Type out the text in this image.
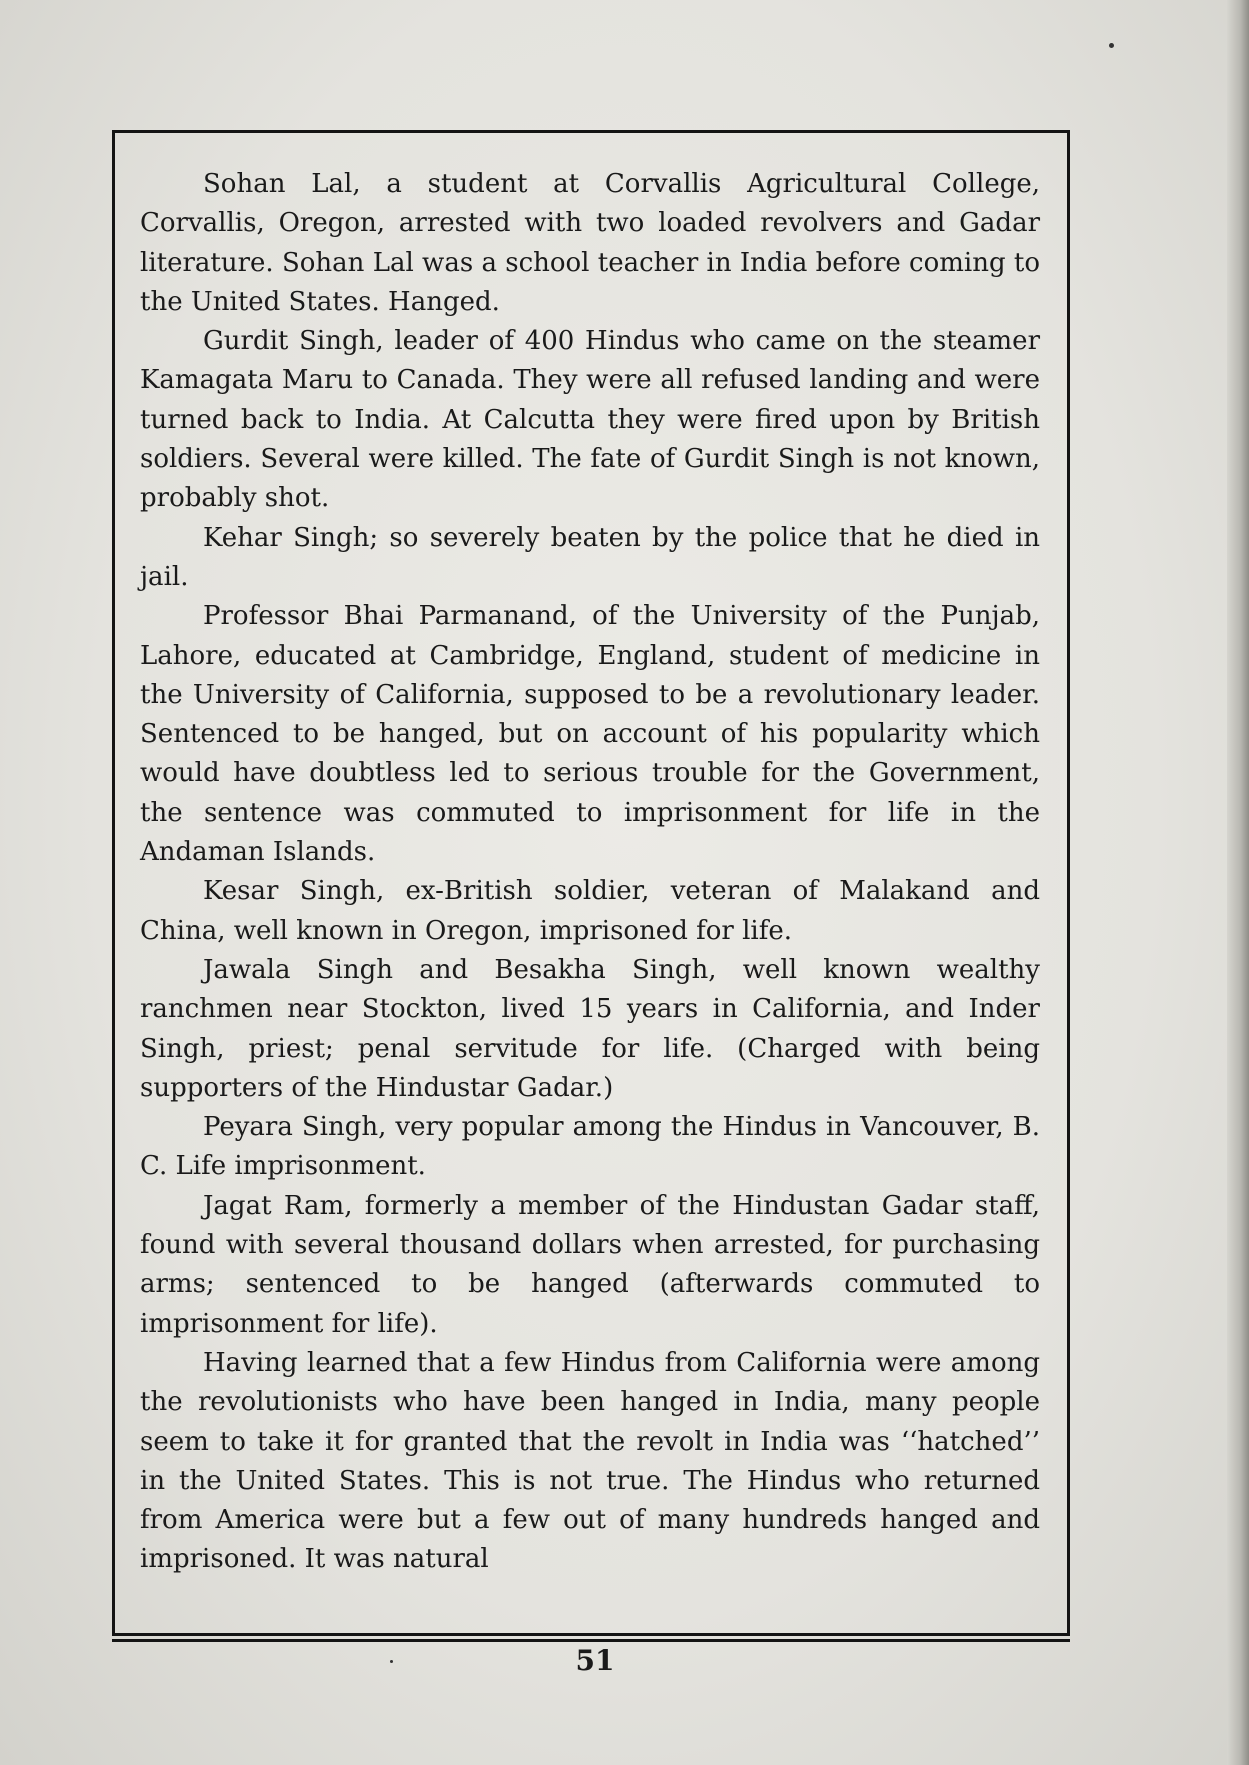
Sohan Lal, a student at Corvallis Agricultural College, Corvallis, Oregon, arrested with two loaded revolvers and Gadar literature. Sohan Lal was a school teacher in India before coming to the United States. Hanged.

Gurdit Singh, leader of 400 Hindus who came on the steamer Kamagata Maru to Canada. They were all refused landing and were turned back to India. At Calcutta they were fired upon by British soldiers. Several were killed. The fate of Gurdit Singh is not known, probably shot.

Kehar Singh; so severely beaten by the police that he died in jail.

Professor Bhai Parmanand, of the University of the Punjab, Lahore, educated at Cambridge, England, student of medicine in the University of California, supposed to be a revolutionary leader. Sentenced to be hanged, but on account of his popularity which would have doubtless led to serious trouble for the Government, the sentence was commuted to imprisonment for life in the Andaman Islands.

Kesar Singh, ex-British soldier, veteran of Malakand and China, well known in Oregon, imprisoned for life.

Jawala Singh and Besakha Singh, well known wealthy ranchmen near Stockton, lived 15 years in California, and Inder Singh, priest; penal servitude for life. (Charged with being supporters of the Hindustar Gadar.)

Peyara Singh, very popular among the Hindus in Vancouver, B. C. Life imprisonment.

Jagat Ram, formerly a member of the Hindustan Gadar staff, found with several thousand dollars when arrested, for purchasing arms; sentenced to be hanged (afterwards commuted to imprisonment for life).

Having learned that a few Hindus from California were among the revolutionists who have been hanged in India, many people seem to take it for granted that the revolt in India was ‘‘hatched’’ in the United States. This is not true. The Hindus who returned from America were but a few out of many hundreds hanged and imprisoned. It was natural

51
